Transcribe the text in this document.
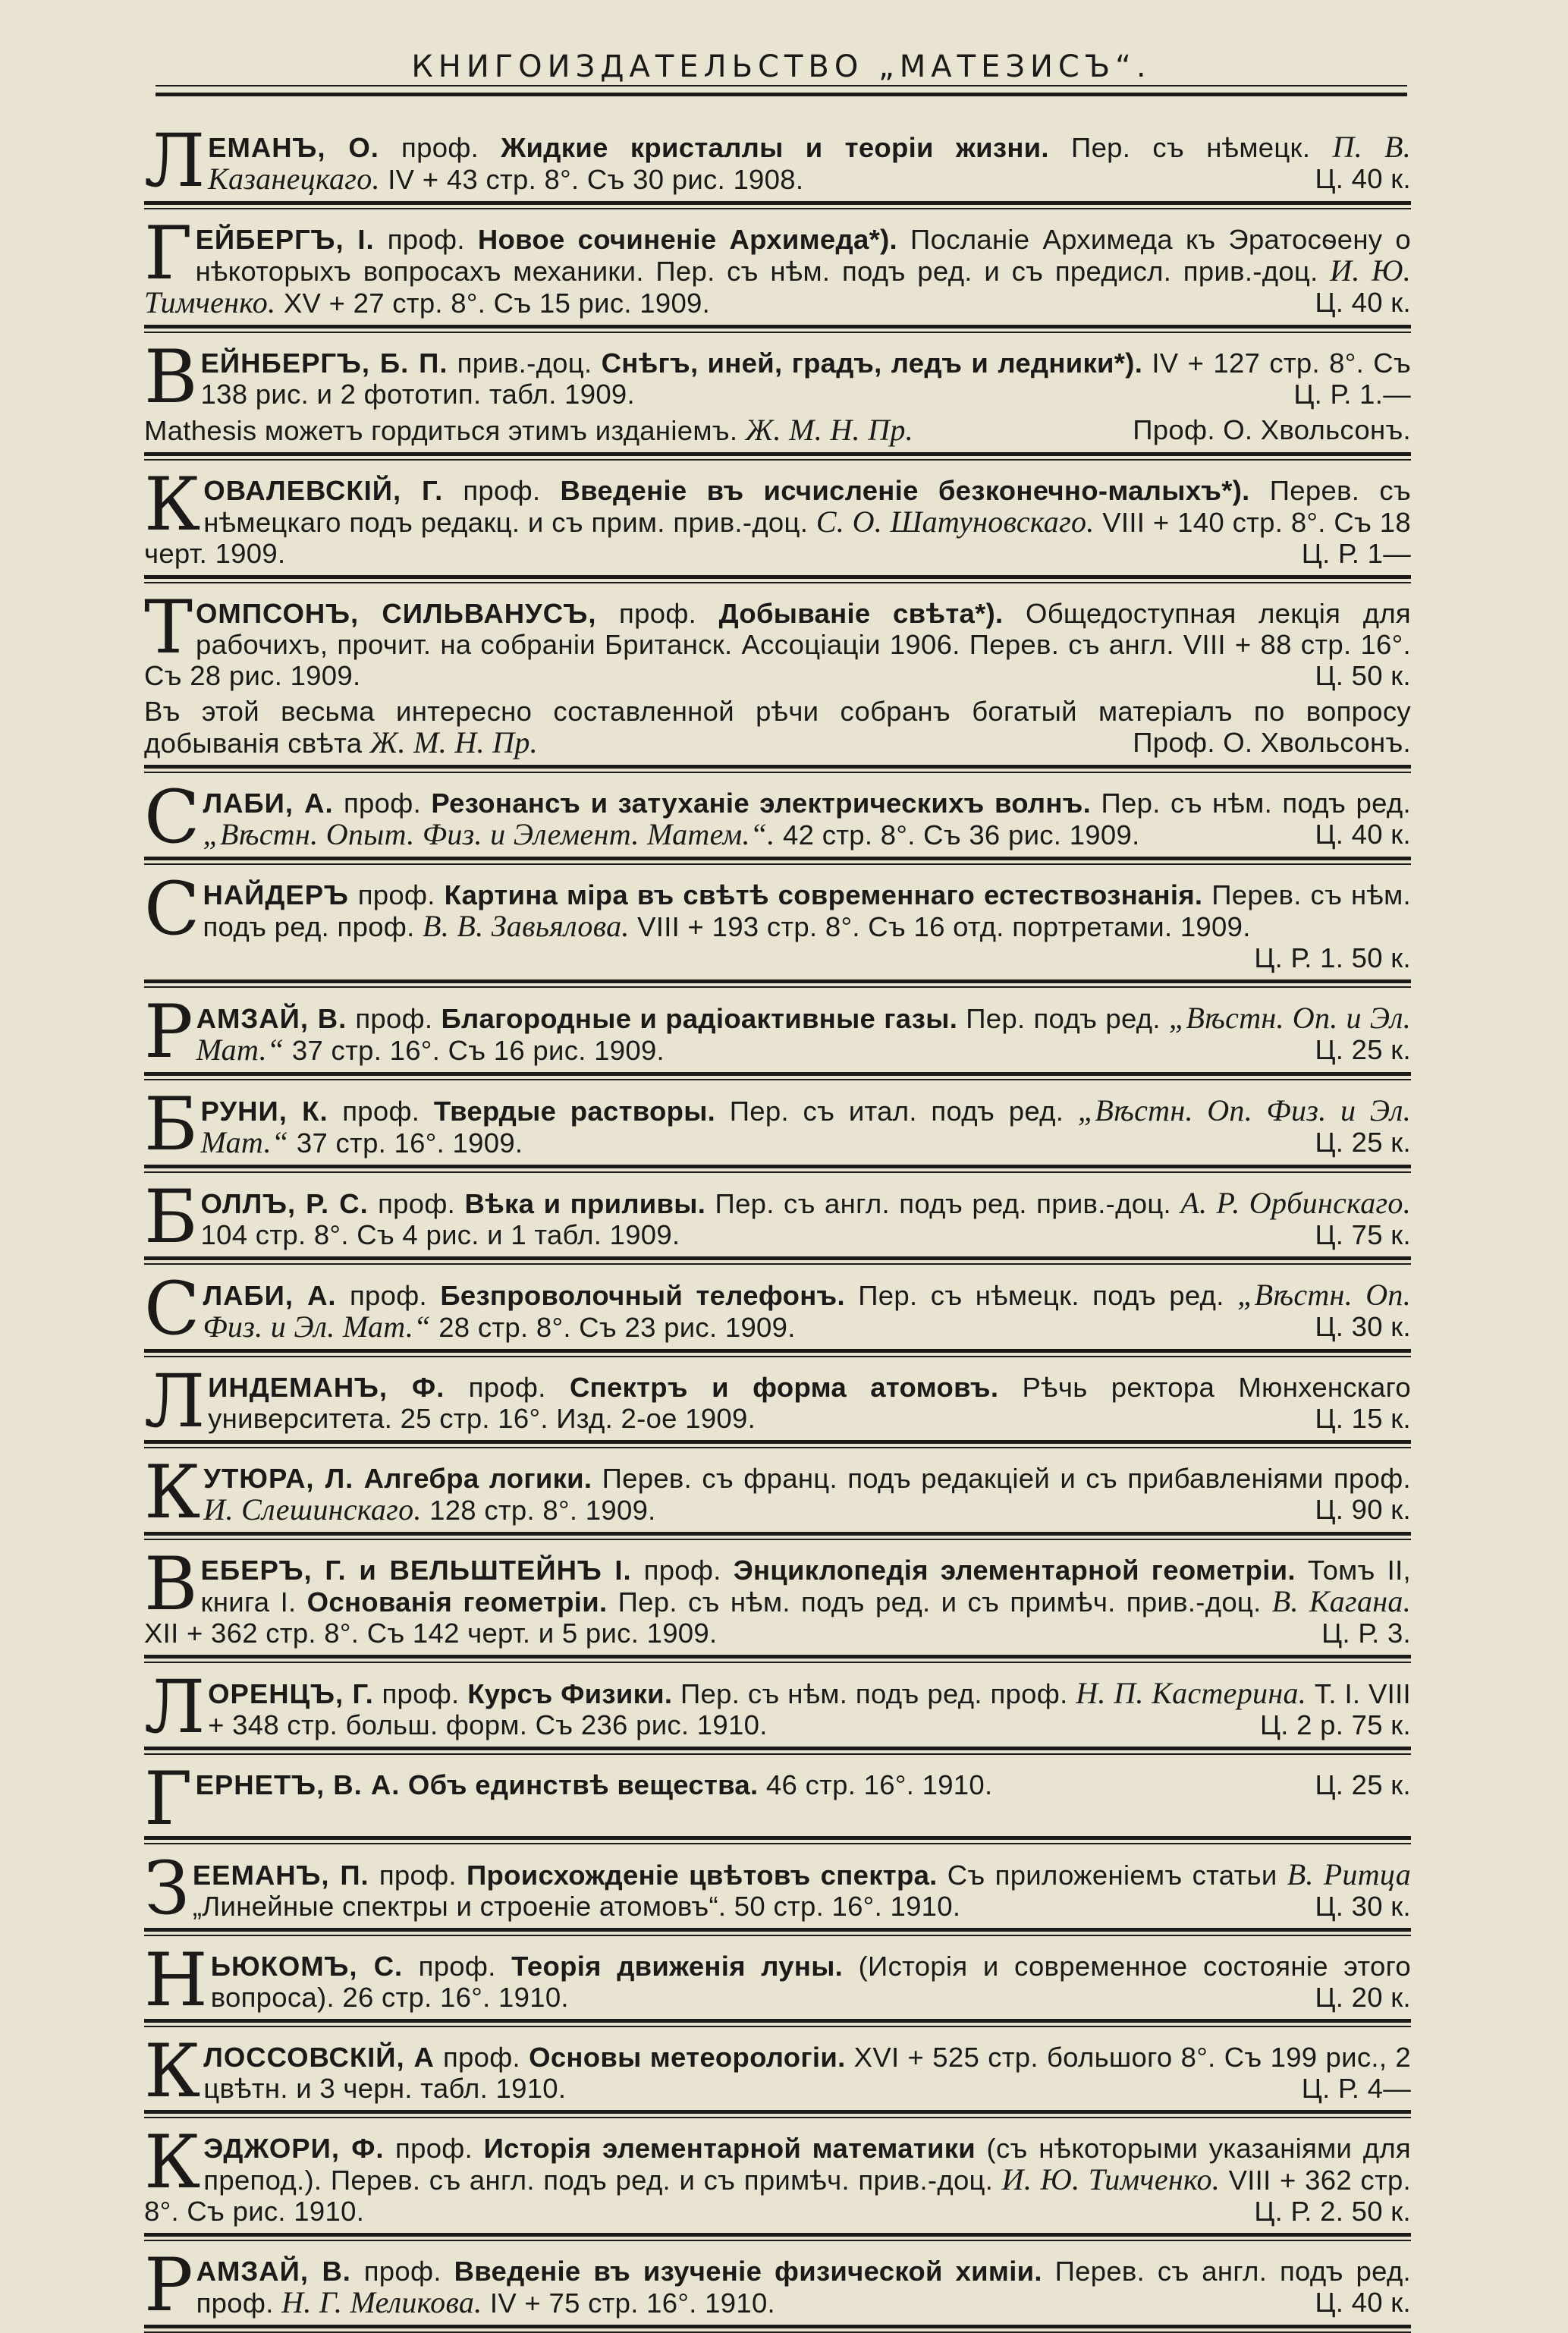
КНИГОИЗДАТЕЛЬСТВО „МАТЕЗИСЪ“.
Л ЕМАНЪ, О. проф. Жидкие кристаллы и теорiи жизни. Пер. съ нѣмецк. П. В. Казанецкаго. IV + 43 стр. 8°. Съ 30 рис. 1908.	Ц. 40 к.
Г ЕЙБЕРГЪ, I. проф. Новое сочиненiе Архимеда*). Посланiе Архимеда къ Эратосѳену о нѣкоторыхъ вопросахъ механики. Пер. съ нѣм. подъ ред. и съ предисл. прив.-доц. И. Ю. Тимченко. XV + 27 стр. 8°. Съ 15 рис. 1909.	Ц. 40 к.
В ЕЙНБЕРГЪ, Б. П. прив.-доц. Снѣгъ, иней, градъ, ледъ и ледники*). IV + 127 стр. 8°. Съ 138 рис. и 2 фототип. табл. 1909.	Ц. Р. 1.—
Mathesis можетъ гордиться этимъ изданiемъ. Ж. М. Н. Пр.	Проф. О. Хвольсонъ.
К ОВАЛЕВСКIЙ, Г. проф. Введенiе въ исчисленiе безконечно-малыхъ*). Перев. съ нѣмецкаго подъ редакц. и съ прим. прив.-доц. С. О. Шатуновскаго. VIII + 140 стр. 8°. Съ 18 черт. 1909.	Ц. Р. 1—
Т ОМПСОНЪ, СИЛЬВАНУСЪ, проф. Добыванiе свѣта*). Общедоступная лекцiя для рабочихъ, прочит. на собранiи Британск. Ассоцiацiи 1906. Перев. съ англ. VIII + 88 стр. 16°. Съ 28 рис. 1909.	Ц. 50 к.
Въ этой весьма интересно составленной рѣчи собранъ богатый матерiалъ по вопросу добыванiя свѣта Ж. М. Н. Пр.	Проф. О. Хвольсонъ.
С ЛАБИ, А. проф. Резонансъ и затуханiе электрическихъ волнъ. Пер. съ нѣм. подъ ред. „Вѣстн. Опыт. Физ. и Элемент. Матем.“. 42 стр. 8°. Съ 36 рис. 1909.	Ц. 40 к.
С НАЙДЕРЪ проф. Картина мiра въ свѣтѣ современнаго естествознанiя. Перев. съ нѣм. подъ ред. проф. В. В. Завьялова. VIII + 193 стр. 8°. Съ 16 отд. портретами. 1909.
Ц. Р. 1. 50 к.
Р АМЗАЙ, В. проф. Благородные и радiоактивные газы. Пер. подъ ред. „Вѣстн. Оп. и Эл. Мат.“ 37 стр. 16°. Съ 16 рис. 1909.	Ц. 25 к.
Б РУНИ, К. проф. Твердые растворы. Пер. съ итал. подъ ред. „Вѣстн. Оп. Физ. и Эл. Мат.“ 37 стр. 16°. 1909.	Ц. 25 к.
Б ОЛЛЪ, Р. С. проф. Вѣка и приливы. Пер. съ англ. подъ ред. прив.-доц. А. Р. Орбинскаго. 104 стр. 8°. Съ 4 рис. и 1 табл. 1909.	Ц. 75 к.
С ЛАБИ, А. проф. Безпроволочный телефонъ. Пер. съ нѣмецк. подъ ред. „Вѣстн. Оп. Физ. и Эл. Мат.“ 28 стр. 8°. Съ 23 рис. 1909.	Ц. 30 к.
Л ИНДЕМАНЪ, Ф. проф. Спектръ и форма атомовъ. Рѣчь ректора Мюнхенскаго университета. 25 стр. 16°. Изд. 2-ое 1909.	Ц. 15 к.
К УТЮРА, Л. Алгебра логики. Перев. съ франц. подъ редакцiей и съ прибавленiями проф. И. Слешинскаго. 128 стр. 8°. 1909.	Ц. 90 к.
В ЕБЕРЪ, Г. и ВЕЛЬШТЕЙНЪ I. проф. Энциклопедiя элементарной геометрiи. Томъ II, книга I. Основанiя геометрiи. Пер. съ нѣм. подъ ред. и съ примѣч. прив.-доц. В. Кагана. XII + 362 стр. 8°. Съ 142 черт. и 5 рис. 1909.	Ц. Р. 3.
Л ОРЕНЦЪ, Г. проф. Курсъ Физики. Пер. съ нѣм. подъ ред. проф. Н. П. Кастерина. Т. I. VIII + 348 стр. больш. форм. Съ 236 рис. 1910.	Ц. 2 р. 75 к.
Г ЕРНЕТЪ, В. А. Объ единствѣ вещества. 46 стр. 16°. 1910.	Ц. 25 к.
З ЕЕМАНЪ, П. проф. Происхожденiе цвѣтовъ спектра. Съ приложенiемъ статьи В. Ритца „Линейные спектры и строенiе атомовъ“. 50 стр. 16°. 1910.	Ц. 30 к.
Н ЬЮКОМЪ, С. проф. Теорiя движенiя луны. (Исторiя и современное состоянiе этого вопроса). 26 стр. 16°. 1910.	Ц. 20 к.
К ЛОССОВСКIЙ, А проф. Основы метеорологiи. XVI + 525 стр. большого 8°. Съ 199 рис., 2 цвѣтн. и 3 черн. табл. 1910.	Ц. Р. 4—
К ЭДЖОРИ, Ф. проф. Исторiя элементарной математики (съ нѣкоторыми указанiями для препод.). Перев. съ англ. подъ ред. и съ примѣч. прив.-доц. И. Ю. Тимченко. VIII + 362 стр. 8°. Съ рис. 1910.	Ц. Р. 2. 50 к.
Р АМЗАЙ, В. проф. Введенiе въ изученiе физической химiи. Перев. съ англ. подъ ред. проф. Н. Г. Меликова. IV + 75 стр. 16°. 1910.	Ц. 40 к.
